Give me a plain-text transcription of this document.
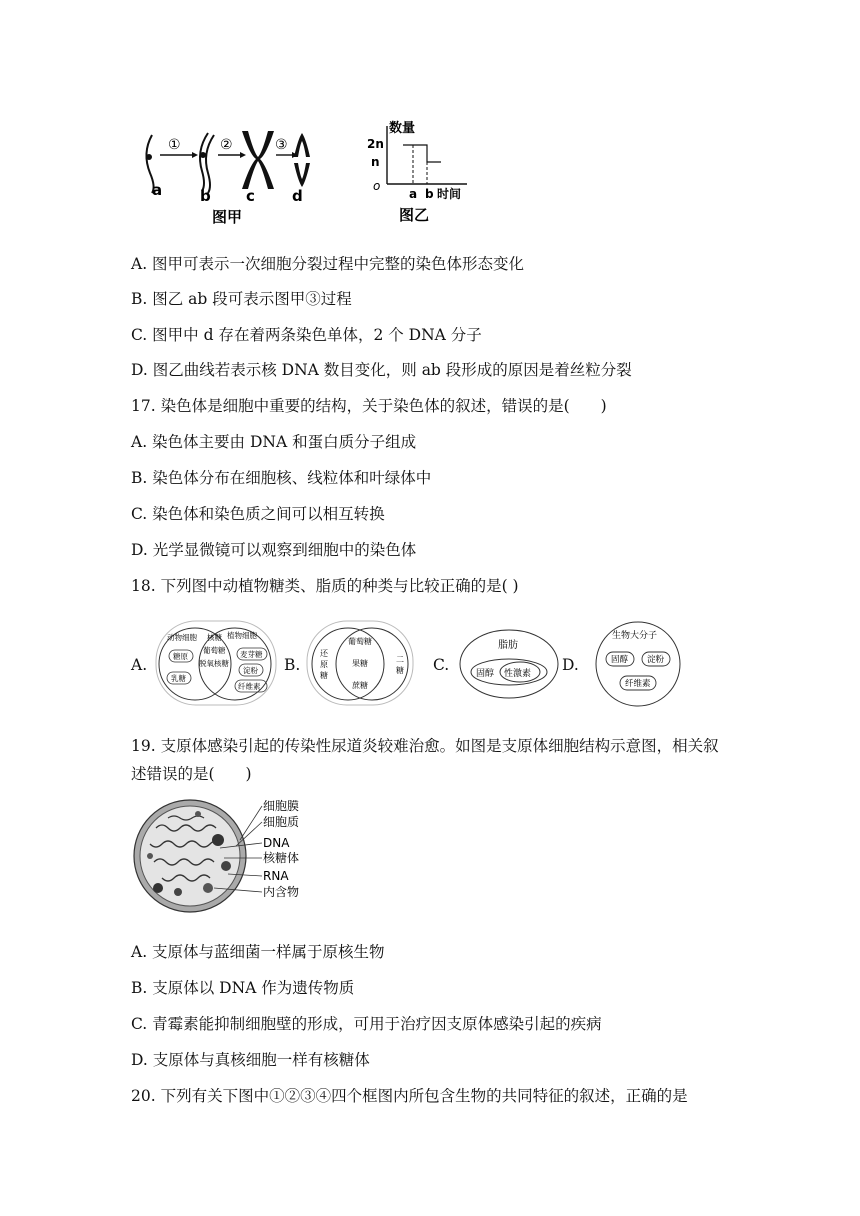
①	②	③
a	b c d
图甲
数量
2n
n
o
a b 时间
图乙
A. 图甲可表示一次细胞分裂过程中完整的染色体形态变化
B. 图乙 ab 段可表示图甲③过程
C. 图甲中 d 存在着两条染色单体，2 个 DNA 分子
D. 图乙曲线若表示核 DNA 数目变化，则 ab 段形成的原因是着丝粒分裂
17. 染色体是细胞中重要的结构，关于染色体的叙述，错误的是(　　)
A. 染色体主要由 DNA 和蛋白质分子组成
B. 染色体分布在细胞核、线粒体和叶绿体中
C. 染色体和染色质之间可以相互转换
D. 光学显微镜可以观察到细胞中的染色体
18. 下列图中动植物糖类、脂质的种类与比较正确的是( )
A.	B.	C.	D.
动物细胞	植物细胞
糖原
乳糖
核糖
葡萄糖
脱氧核糖
麦芽糖
淀粉
纤维素
还原糖
二糖
葡萄糖
果糖
蔗糖
脂肪
固醇 性激素
生物大分子
固醇 淀粉
纤维素
19. 支原体感染引起的传染性尿道炎较难治愈。如图是支原体细胞结构示意图，相关叙
述错误的是(　　)
细胞膜
细胞质
DNA
核糖体
RNA
内含物
A. 支原体与蓝细菌一样属于原核生物
B. 支原体以 DNA 作为遗传物质
C. 青霉素能抑制细胞壁的形成，可用于治疗因支原体感染引起的疾病
D. 支原体与真核细胞一样有核糖体
20. 下列有关下图中①②③④四个框图内所包含生物的共同特征的叙述，正确的是
